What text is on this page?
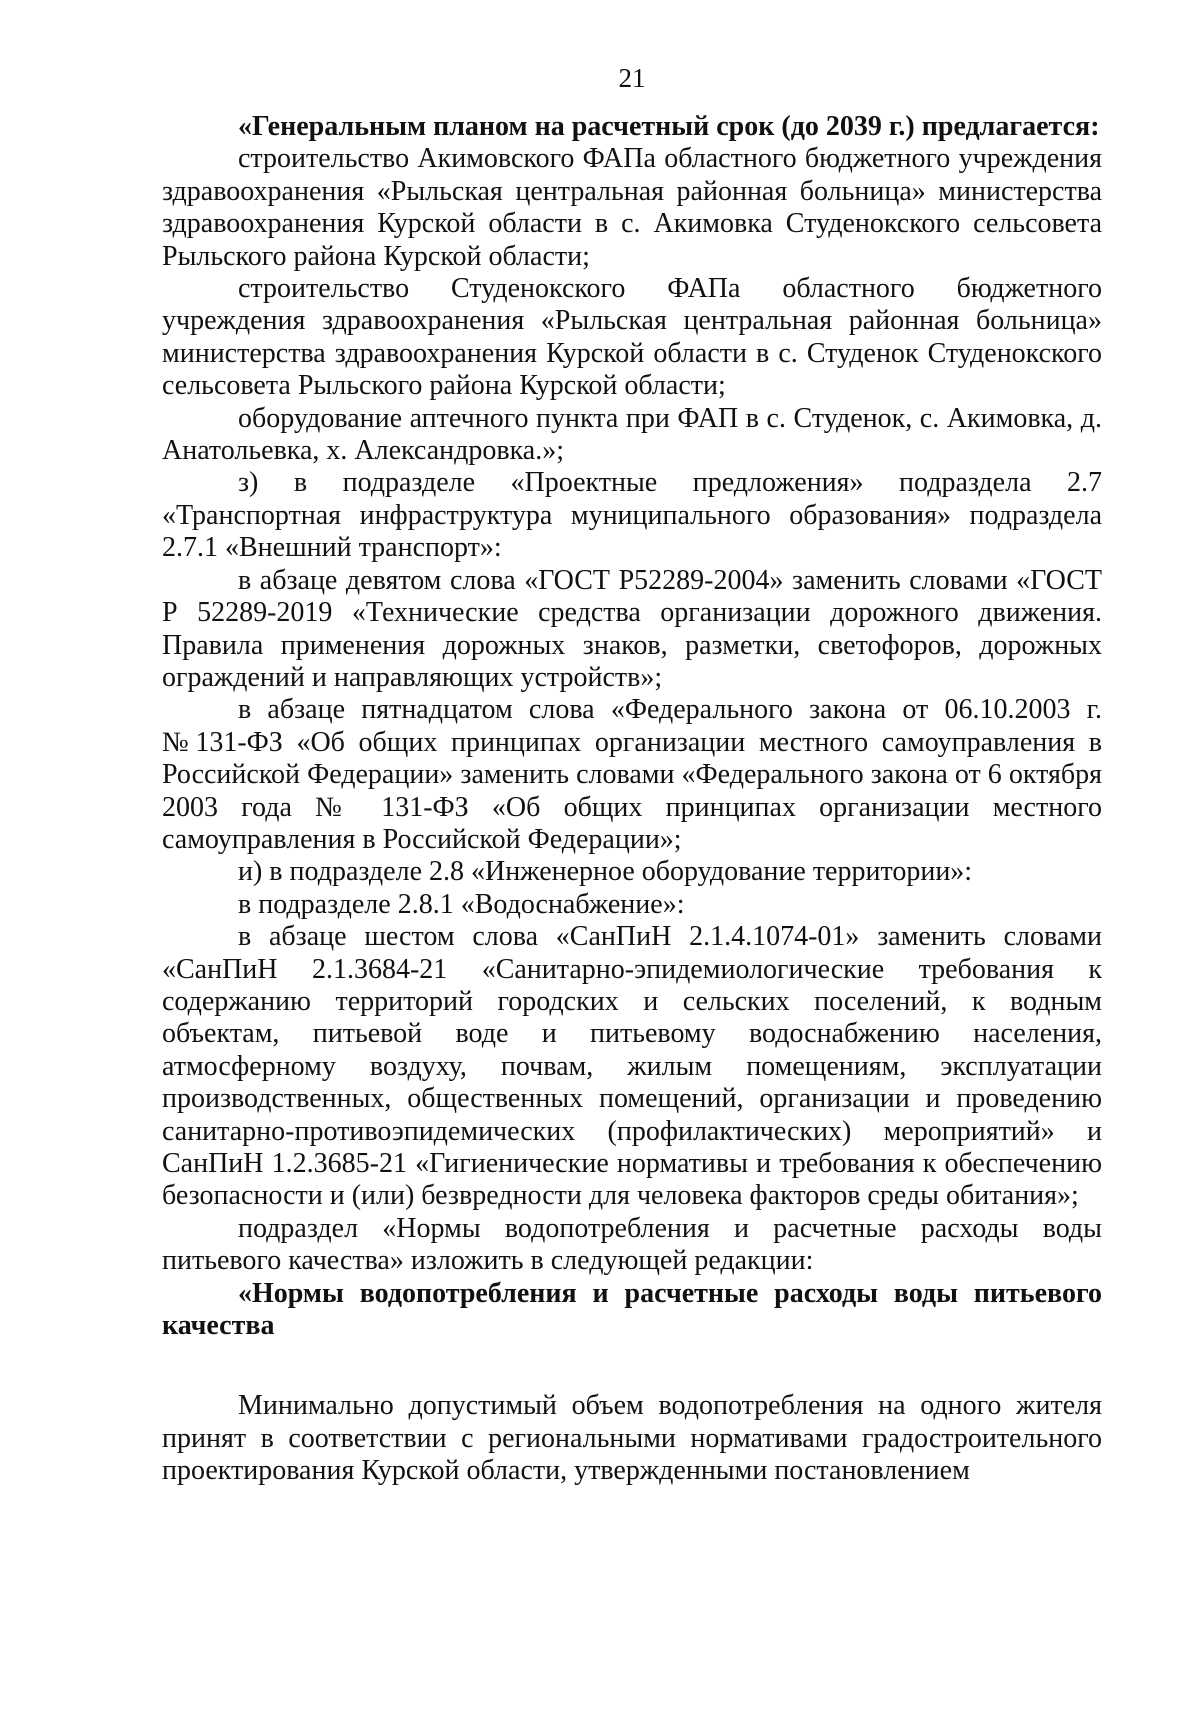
21

«Генеральным планом на расчетный срок (до 2039 г.) предлагается:

строительство Акимовского ФАПа областного бюджетного учреждения здравоохранения «Рыльская центральная районная больница» министерства здравоохранения Курской области в с. Акимовка Студенокского сельсовета Рыльского района Курской области;

строительство Студенокского ФАПа областного бюджетного учреждения здравоохранения «Рыльская центральная районная больница» министерства здравоохранения Курской области в с. Студенок Студенокского сельсовета Рыльского района Курской области;

оборудование аптечного пункта при ФАП в с. Студенок, с. Акимовка, д. Анатольевка, х. Александровка.»;

з) в подразделе «Проектные предложения» подраздела 2.7 «Транспортная инфраструктура муниципального образования» подраздела 2.7.1 «Внешний транспорт»:

в абзаце девятом слова «ГОСТ Р52289-2004» заменить словами «ГОСТ Р 52289-2019 «Технические средства организации дорожного движения. Правила применения дорожных знаков, разметки, светофоров, дорожных ограждений и направляющих устройств»;

в абзаце пятнадцатом слова «Федерального закона от 06.10.2003 г. №131-ФЗ «Об общих принципах организации местного самоуправления в Российской Федерации» заменить словами «Федерального закона от 6 октября 2003 года № 131-ФЗ «Об общих принципах организации местного самоуправления в Российской Федерации»;

и) в подразделе 2.8 «Инженерное оборудование территории»:

в подразделе 2.8.1 «Водоснабжение»:

в абзаце шестом слова «СанПиН 2.1.4.1074-01» заменить словами «СанПиН 2.1.3684-21 «Санитарно-эпидемиологические требования к содержанию территорий городских и сельских поселений, к водным объектам, питьевой воде и питьевому водоснабжению населения, атмосферному воздуху, почвам, жилым помещениям, эксплуатации производственных, общественных помещений, организации и проведению санитарно-противоэпидемических (профилактических) мероприятий» и СанПиН 1.2.3685-21 «Гигиенические нормативы и требования к обеспечению безопасности и (или) безвредности для человека факторов среды обитания»;

подраздел «Нормы водопотребления и расчетные расходы воды питьевого качества» изложить в следующей редакции:

«Нормы водопотребления и расчетные расходы воды питьевого качества

Минимально допустимый объем водопотребления на одного жителя принят в соответствии с региональными нормативами градостроительного проектирования Курской области, утвержденными постановлением
